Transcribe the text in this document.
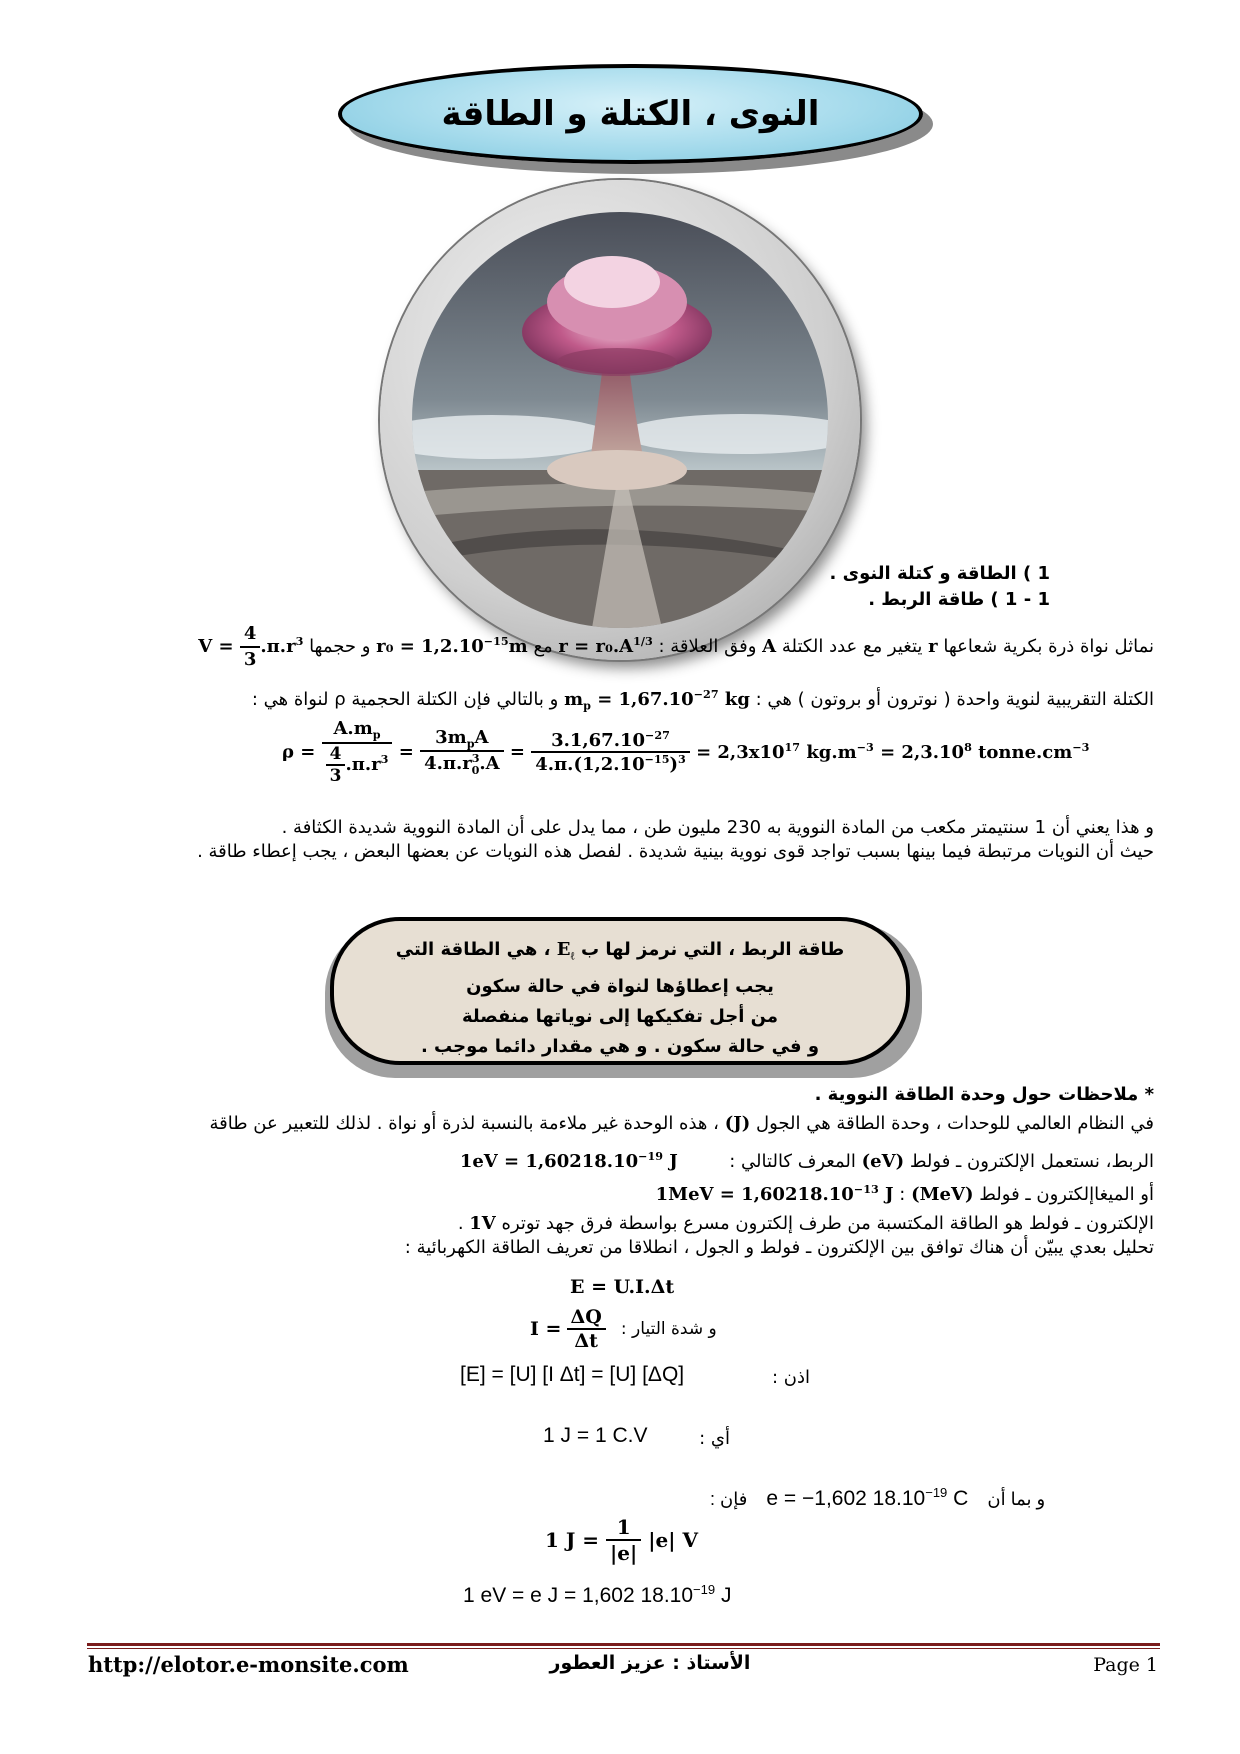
النوى ، الكتلة و الطاقة
1 ) الطاقة و كتلة النوى .
1 - 1 ) طاقة الربط .
نماثل نواة ذرة بكرية شعاعها r يتغير مع عدد الكتلة A وفق العلاقة : $r = r_0.A^{1/3}$ مع $r_0 = 1,2.10^{-15}m$ و حجمها $V = \frac{4}{3} .\pi.r^3$
الكتلة التقريبية لنوية واحدة ( نوترون أو بروتون ) هي : $m_p = 1,67.10^{-27}$ kg و بالتالي فإن الكتلة الحجمية ρ لنواة هي :
$\rho = \frac{A.m_p}{\frac{4}{3} .\pi.r^3} = \frac{3m_pA}{4.\pi.r^3_0.A} = \frac{3.1,67.10^{-27}}{4.\pi.(1,2.10^{-15})^3} = 2,3x10^{17}$ $kg.m^{-3} = 2,3.10^8$ $tonne.cm^{-3}$
و هذا يعني أن 1 سنتيمتر مكعب من المادة النووية به 230 مليون طن ، مما يدل على أن المادة النووية شديدة الكثافة .
حيث أن النويات مرتبطة فيما بينها بسبب تواجد قوى نووية بينية شديدة . لفصل هذه النويات عن بعضها البعض ، يجب إعطاء طاقة .
طاقة الربط ، التي نرمز لها ب $E_\ell$ ، هي الطاقة التي
يجب إعطاؤها لنواة في حالة سكون
من أجل تفكيكها إلى نوياتها منفصلة
و في حالة سكون . و هي مقدار دائما موجب .
* ملاحظات حول وحدة الطاقة النووية .
في النظام العالمي للوحدات ، وحدة الطاقة هي الجول (J) ، هذه الوحدة غير ملاءمة بالنسبة لذرة أو نواة . لذلك للتعبير عن طاقة
الربط، نستعمل الإلكترون ـ فولط (eV) المعرف كالتالي :  $1eV = 1,60218.10^{-19}$ J
أو الميغاإلكترون ـ فولط (MeV) : $1MeV = 1,60218.10^{-13}$ J
الإلكترون ـ فولط هو الطاقة المكتسبة من طرف إلكترون مسرع بواسطة فرق جهد توتره 1V .
تحليل بعدي يبيّن أن هناك توافق بين الإلكترون ـ فولط و الجول ، انطلاقا من تعريف الطاقة الكهربائية :
E = U.I.Δt
$I = \frac{\Delta Q}{\Delta t}$ و شدة التيار :
[E] = [U] [I Δt] = [U] [ΔQ]	اذن :
1 J = 1 C.V	أي :
فإن : e = −1,602 $18.10^{-19}$ C و بما أن
1 $J = \frac{1}{|e|} |e|$ V
1 eV = e J = 1,602 $18.10^{-19}$ J
http://elotor.e-monsite.com	الأستاذ : عزيز العطور	Page 1
